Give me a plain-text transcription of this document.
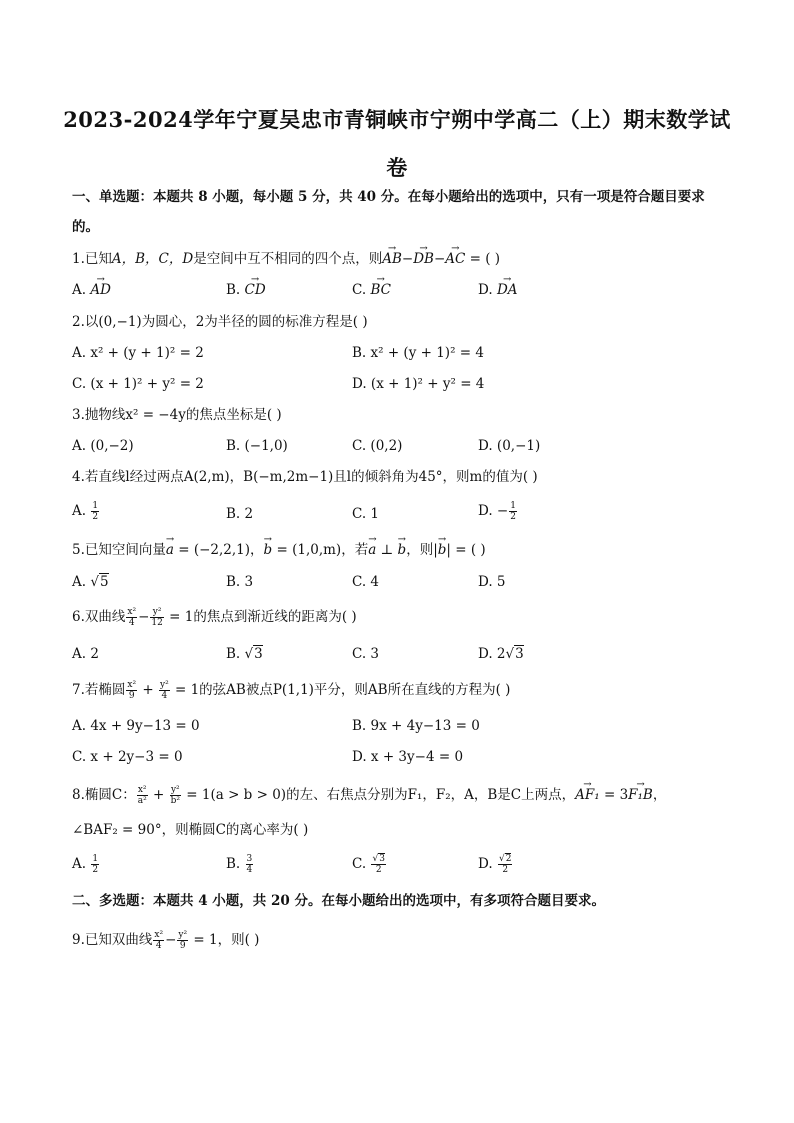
2023-2024学年宁夏吴忠市青铜峡市宁朔中学高二（上）期末数学试
卷
一、单选题：本题共 8 小题，每小题 5 分，共 40 分。在每小题给出的选项中，只有一项是符合题目要求的。
1.已知A，B，C，D是空间中互不相同的四个点，则→ AB−→ DB−→ AC = ( )
A. → AD	B. → CD	C. → BC	D. → DA
2.以(0,−1)为圆心，2为半径的圆的标准方程是( )
A. x² + (y + 1)² = 2	B. x² + (y + 1)² = 4
C. (x + 1)² + y² = 2	D. (x + 1)² + y² = 4
3.抛物线x² = −4y的焦点坐标是( )
A. (0,−2)	B. (−1,0)	C. (0,2)	D. (0,−1)
4.若直线l经过两点A(2,m)，B(−m,2m−1)且l的倾斜角为45°，则m的值为( )
A. $\frac{1}{2}$	B. 2	C. 1	D. − $\frac{1}{2}$
5.已知空间向量→ a = (−2,2,1)，→ b = (1,0,m)，若→ a ⊥ → b，则|→ b| = ( )
A. √5	B. 3	C. 4	D. 5
6.双曲线 $\frac{\text{x²}}{4} - \frac{\text{y²}}{12} = 1$的焦点到渐近线的距离为( )
A. 2	B. √3	C. 3	D. 2√3
7.若椭圆 $\frac{\text{x²}}{9} + \frac{\text{y²}}{4} = 1$的弦AB被点P(1,1)平分，则AB所在直线的方程为( )
A. 4x + 9y−13 = 0	B. 9x + 4y−13 = 0
C. x + 2y−3 = 0	D. x + 3y−4 = 0
8.椭圆C： $\frac{\text{x²}}{\text{a²}} + \frac{\text{y²}}{\text{b²}} = 1(a > b > 0)$的左、右焦点分别为F₁，F₂，A，B是C上两点，→ AF₁ = 3→ F₁B，
∠BAF₂ = 90°，则椭圆C的离心率为( )
A. $\frac{1}{2}$	B. $\frac{3}{4}$	C. $\frac{√3}{2}$	D. $\frac{√2}{2}$
二、多选题：本题共 4 小题，共 20 分。在每小题给出的选项中，有多项符合题目要求。
9.已知双曲线 $\frac{\text{x²}}{4} - \frac{\text{y²}}{9} = 1$，则( )
